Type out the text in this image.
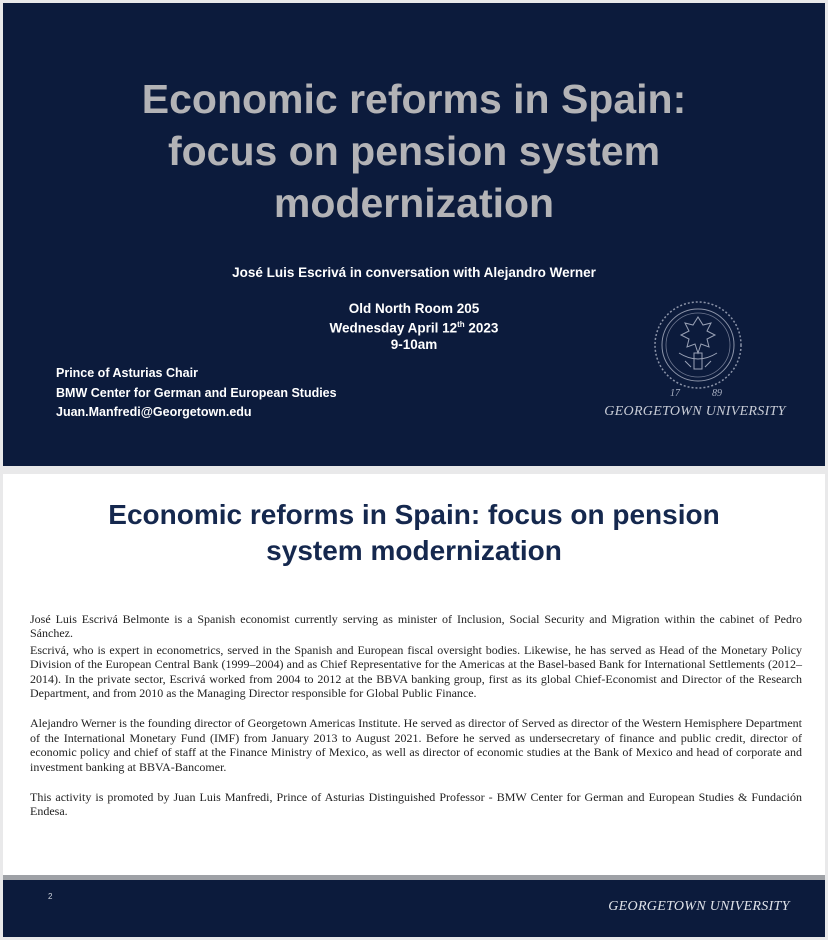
Economic reforms in Spain:
focus on pension system
modernization
José Luis Escrivá in conversation with Alejandro Werner
Old North Room 205
Wednesday April 12th 2023
9-10am
Prince of Asturias Chair
BMW Center for German and European Studies
Juan.Manfredi@Georgetown.edu
17	89
GEORGETOWN UNIVERSITY
Economic reforms in Spain: focus on pension
system modernization

José Luis Escrivá Belmonte is a Spanish economist currently serving as minister of Inclusion, Social Security and Migration within the cabinet of Pedro Sánchez.

Escrivá, who is expert in econometrics, served in the Spanish and European fiscal oversight bodies. Likewise, he has served as Head of the Monetary Policy Division of the European Central Bank (1999–2004) and as Chief Representative for the Americas at the Basel-based Bank for International Settlements (2012–2014). In the private sector, Escrivá worked from 2004 to 2012 at the BBVA banking group, first as its global Chief-Economist and Director of the Research Department, and from 2010 as the Managing Director responsible for Global Public Finance.

Alejandro Werner is the founding director of Georgetown Americas Institute. He served as director of Served as director of the Western Hemisphere Department of the International Monetary Fund (IMF) from January 2013 to August 2021. Before he served as undersecretary of finance and public credit, director of economic policy and chief of staff at the Finance Ministry of Mexico, as well as director of economic studies at the Bank of Mexico and head of corporate and investment banking at BBVA-Bancomer.

This activity is promoted by Juan Luis Manfredi, Prince of Asturias Distinguished Professor - BMW Center for German and European Studies & Fundación Endesa.

2
GEORGETOWN UNIVERSITY
